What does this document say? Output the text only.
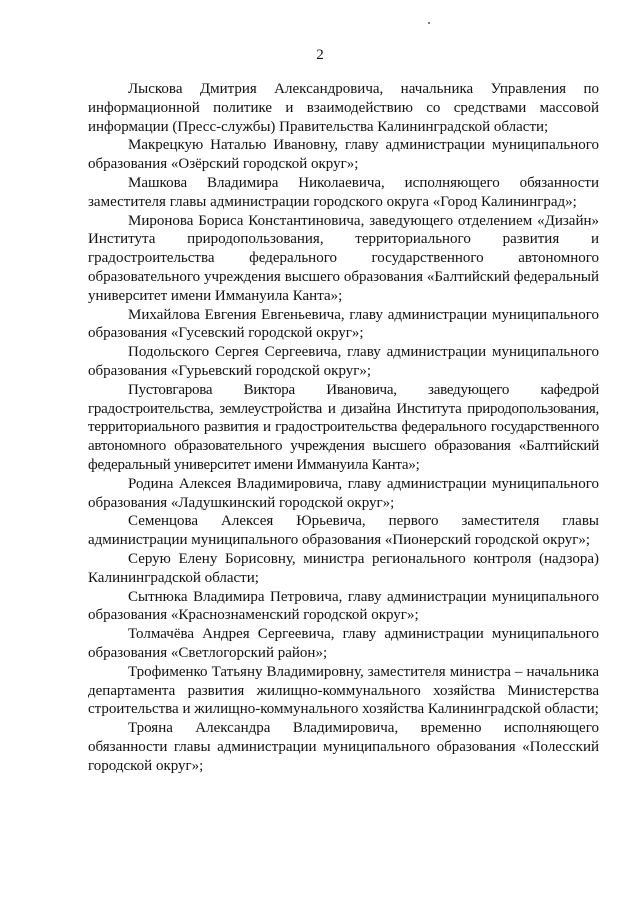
2

Лыскова Дмитрия Александровича, начальника Управления по информационной политике и взаимодействию со средствами массовой информации (Пресс-службы) Правительства Калининградской области;

Макрецкую Наталью Ивановну, главу администрации муниципального образования «Озёрский городской округ»;

Машкова Владимира Николаевича, исполняющего обязанности заместителя главы администрации городского округа «Город Калининград»;

Миронова Бориса Константиновича, заведующего отделением «Дизайн» Института природопользования, территориального развития и градостроительства федерального государственного автономного образовательного учреждения высшего образования «Балтийский федеральный университет имени Иммануила Канта»;

Михайлова Евгения Евгеньевича, главу администрации муниципального образования «Гусевский городской округ»;

Подольского Сергея Сергеевича, главу администрации муниципального образования «Гурьевский городской округ»;

Пустовгарова Виктора Ивановича, заведующего кафедрой градостроительства, землеустройства и дизайна Института природопользования, территориального развития и градостроительства федерального государственного автономного образовательного учреждения высшего образования «Балтийский федеральный университет имени Иммануила Канта»;

Родина Алексея Владимировича, главу администрации муниципального образования «Ладушкинский городской округ»;

Семенцова Алексея Юрьевича, первого заместителя главы администрации муниципального образования «Пионерский городской округ»;

Серую Елену Борисовну, министра регионального контроля (надзора) Калининградской области;

Сытнюка Владимира Петровича, главу администрации муниципального образования «Краснознаменский городской округ»;

Толмачёва Андрея Сергеевича, главу администрации муниципального образования «Светлогорский район»;

Трофименко Татьяну Владимировну, заместителя министра – начальника департамента развития жилищно-коммунального хозяйства Министерства строительства и жилищно-коммунального хозяйства Калининградской области;

Трояна Александра Владимировича, временно исполняющего обязанности главы администрации муниципального образования «Полесский городской округ»;
